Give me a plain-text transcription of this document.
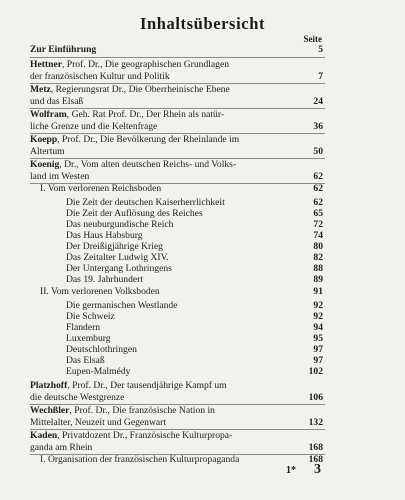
Inhaltsübersicht
Seite
Zur Einführung	5
Hettner, Prof. Dr., Die geographischen Grundlagen
der französischen Kultur und Politik	7
Metz, Regierungsrat Dr., Die Oberrheinische Ebene
und das Elsaß	24
Wolfram, Geh. Rat Prof. Dr., Der Rhein als natür-
liche Grenze und die Keltenfrage	36
Koepp, Prof. Dr., Die Bevölkerung der Rheinlande im
Altertum	50
Koenig, Dr., Vom alten deutschen Reichs- und Volks-
land im Westen	62
I. Vom verlorenen Reichsboden	62
Die Zeit der deutschen Kaiserherrlichkeit	62
Die Zeit der Auflösung des Reiches	65
Das neuburgundische Reich	72
Das Haus Habsburg	74
Der Dreißigjährige Krieg	80
Das Zeitalter Ludwig XIV.	82
Der Untergang Lothringens	88
Das 19. Jahrhundert	89
II. Vom verlorenen Volksboden	91
Die germanischen Westlande	92
Die Schweiz	92
Flandern	94
Luxemburg	95
Deutschlothringen	97
Das Elsaß	97
Eupen-Malmédy	102
Platzhoff, Prof. Dr., Der tausendjährige Kampf um
die deutsche Westgrenze	106
Wechßler, Prof. Dr., Die französische Nation in
Mittelalter, Neuzeit und Gegenwart	132
Kaden, Privatdozent Dr., Französische Kulturpropa-
ganda am Rhein	168
I. Organisation der französischen Kulturpropaganda	168
1* 3
